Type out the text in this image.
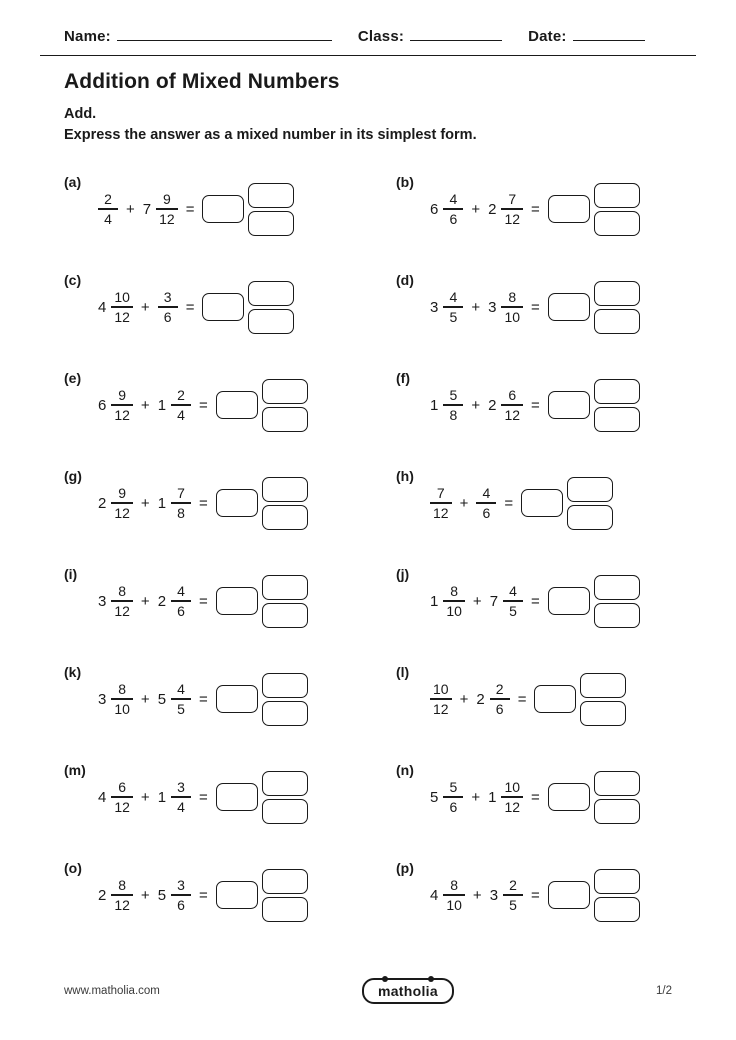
Name:	Class:	Date:
Addition of Mixed Numbers
Add.
Express the answer as a mixed number in its simplest form.
(a)
$\frac{2}{4} + 7 \frac{9}{12}$ =
(b)
$6 \frac{4}{6} + 2 \frac{7}{12}$ =
(c)
$4 \frac{10}{12} + \frac{3}{6}$ =
(d)
$3 \frac{4}{5} + 3 \frac{8}{10}$ =
(e)
$6 \frac{9}{12} + 1 \frac{2}{4}$ =
(f)
$1 \frac{5}{8} + 2 \frac{6}{12}$ =
(g)
$2 \frac{9}{12} + 1 \frac{7}{8}$ =
(h)
$\frac{7}{12} + \frac{4}{6}$ =
(i)
$3 \frac{8}{12} + 2 \frac{4}{6}$ =
(j)
$1 \frac{8}{10} + 7 \frac{4}{5}$ =
(k)
$3 \frac{8}{10} + 5 \frac{4}{5}$ =
(l)
$\frac{10}{12} + 2 \frac{2}{6}$ =
(m)
$4 \frac{6}{12} + 1 \frac{3}{4}$ =
(n)
$5 \frac{5}{6} + 1 \frac{10}{12}$ =
(o)
$2 \frac{8}{12} + 5 \frac{3}{6}$ =
(p)
$4 \frac{8}{10} + 3 \frac{2}{5}$ =
www.matholia.com	matholia	1/2
